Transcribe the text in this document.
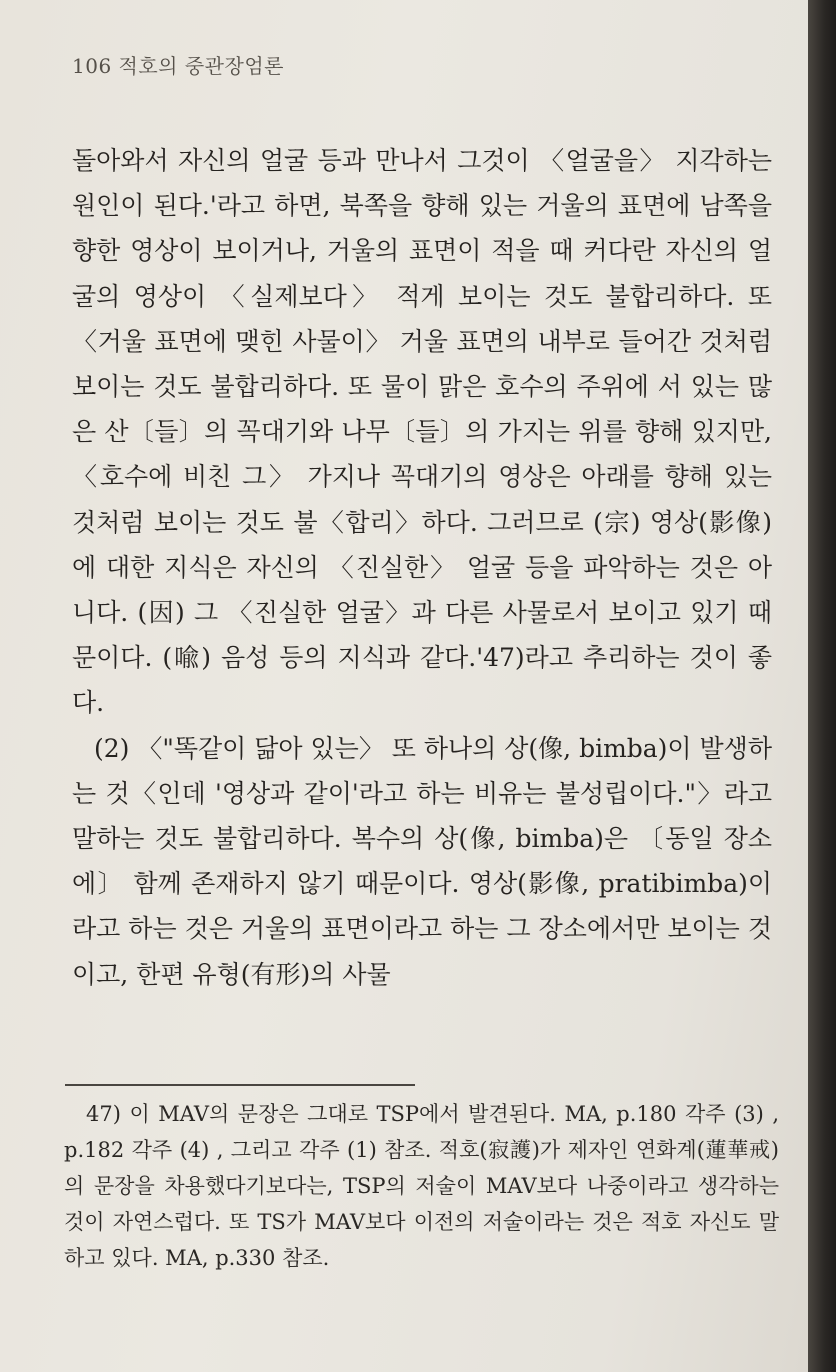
106 적호의 중관장엄론

돌아와서 자신의 얼굴 등과 만나서 그것이 〈얼굴을〉 지각하는 원인이 된다.'라고 하면, 북쪽을 향해 있는 거울의 표면에 남쪽을 향한 영상이 보이거나, 거울의 표면이 적을 때 커다란 자신의 얼굴의 영상이 〈실제보다〉 적게 보이는 것도 불합리하다. 또 〈거울 표면에 맺힌 사물이〉 거울 표면의 내부로 들어간 것처럼 보이는 것도 불합리하다. 또 물이 맑은 호수의 주위에 서 있는 많은 산〔들〕의 꼭대기와 나무〔들〕의 가지는 위를 향해 있지만, 〈호수에 비친 그〉 가지나 꼭대기의 영상은 아래를 향해 있는 것처럼 보이는 것도 불〈합리〉하다. 그러므로 (宗) 영상(影像)에 대한 지식은 자신의 〈진실한〉 얼굴 등을 파악하는 것은 아니다. (因) 그 〈진실한 얼굴〉과 다른 사물로서 보이고 있기 때문이다. (喩) 음성 등의 지식과 같다.'47)라고 추리하는 것이 좋다.

(2) 〈"똑같이 닮아 있는〉 또 하나의 상(像, bimba)이 발생하는 것〈인데 '영상과 같이'라고 하는 비유는 불성립이다."〉라고 말하는 것도 불합리하다. 복수의 상(像, bimba)은 〔동일 장소에〕 함께 존재하지 않기 때문이다. 영상(影像, pratibimba)이라고 하는 것은 거울의 표면이라고 하는 그 장소에서만 보이는 것이고, 한편 유형(有形)의 사물

47) 이 MAV의 문장은 그대로 TSP에서 발견된다. MA, p.180 각주 (3) , p.182 각주 (4) , 그리고 각주 (1) 참조. 적호(寂護)가 제자인 연화계(蓮華戒)의 문장을 차용했다기보다는, TSP의 저술이 MAV보다 나중이라고 생각하는 것이 자연스럽다. 또 TS가 MAV보다 이전의 저술이라는 것은 적호 자신도 말하고 있다. MA, p.330 참조.
